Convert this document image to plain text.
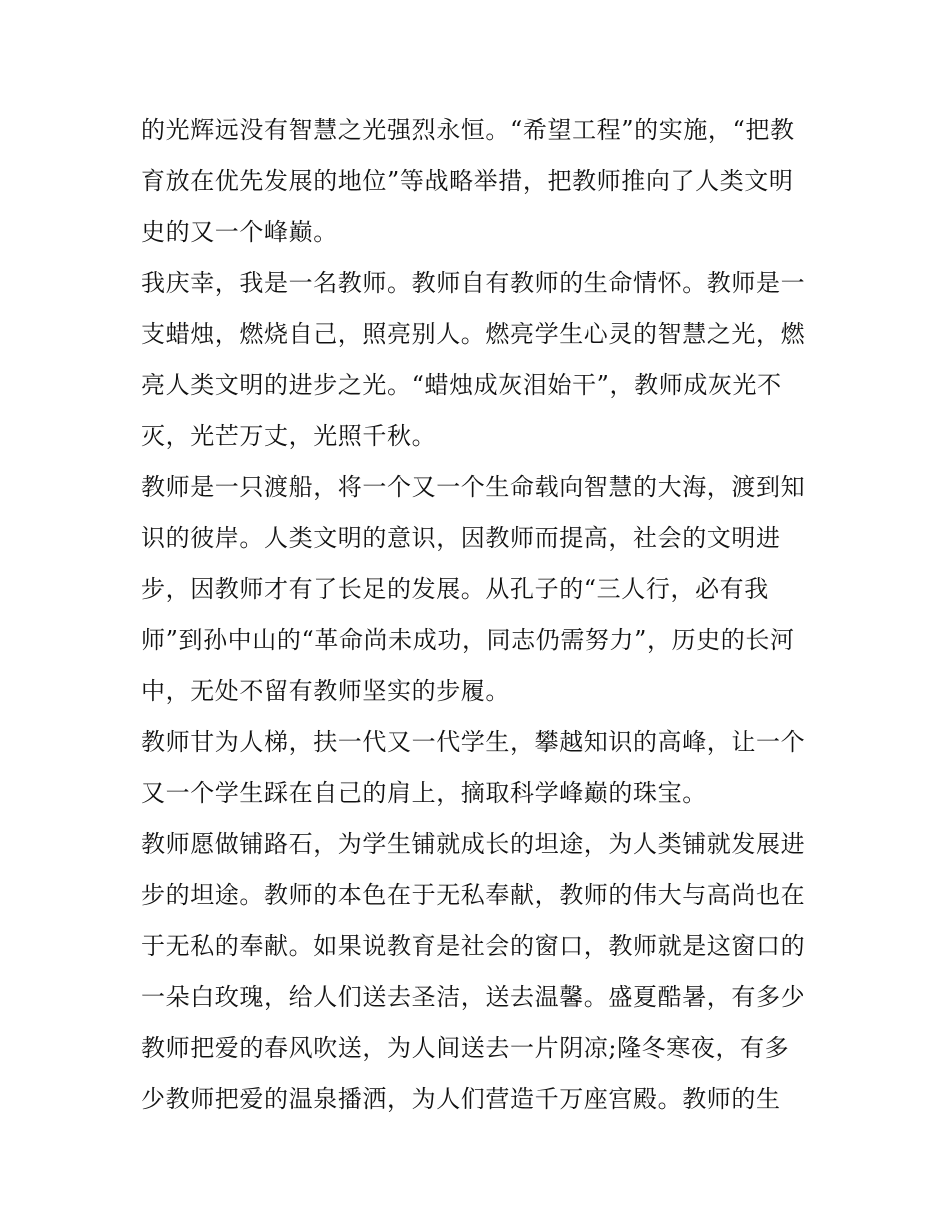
的光辉远没有智慧之光强烈永恒。“希望工程”的实施，“把教
育放在优先发展的地位”等战略举措，把教师推向了人类文明
史的又一个峰巅。
我庆幸，我是一名教师。教师自有教师的生命情怀。教师是一
支蜡烛，燃烧自己，照亮别人。燃亮学生心灵的智慧之光，燃
亮人类文明的进步之光。“蜡烛成灰泪始干”，教师成灰光不
灭，光芒万丈，光照千秋。
教师是一只渡船，将一个又一个生命载向智慧的大海，渡到知
识的彼岸。人类文明的意识，因教师而提高，社会的文明进
步，因教师才有了长足的发展。从孔子的“三人行，必有我
师”到孙中山的“革命尚未成功，同志仍需努力”，历史的长河
中，无处不留有教师坚实的步履。
教师甘为人梯，扶一代又一代学生，攀越知识的高峰，让一个
又一个学生踩在自己的肩上，摘取科学峰巅的珠宝。
教师愿做铺路石，为学生铺就成长的坦途，为人类铺就发展进
步的坦途。教师的本色在于无私奉献，教师的伟大与高尚也在
于无私的奉献。如果说教育是社会的窗口，教师就是这窗口的
一朵白玫瑰，给人们送去圣洁，送去温馨。盛夏酷暑，有多少
教师把爱的春风吹送，为人间送去一片阴凉;隆冬寒夜，有多
少教师把爱的温泉播洒，为人们营造千万座宫殿。教师的生
